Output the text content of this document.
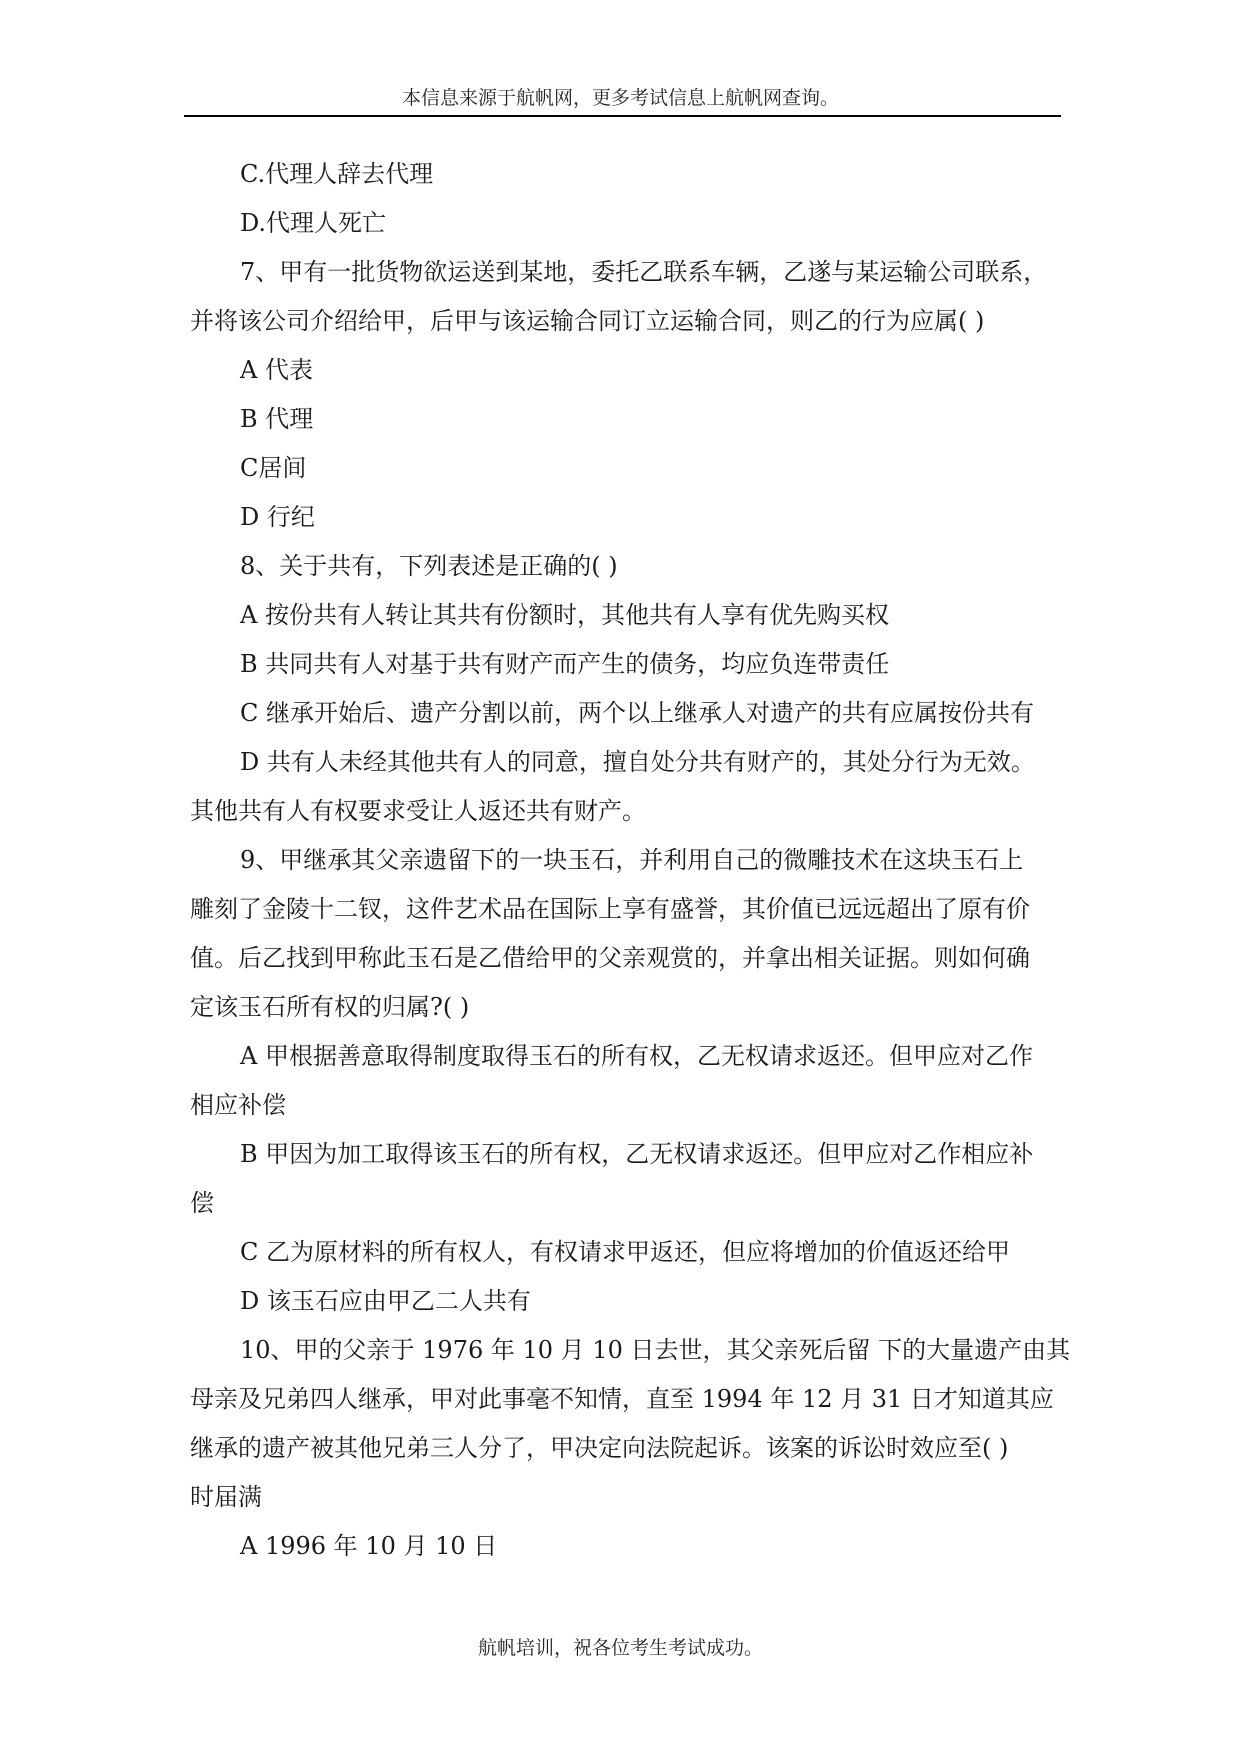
本信息来源于航帆网，更多考试信息上航帆网查询。
C.代理人辞去代理
D.代理人死亡
7、甲有一批货物欲运送到某地，委托乙联系车辆，乙遂与某运输公司联系，
并将该公司介绍给甲，后甲与该运输合同订立运输合同，则乙的行为应属( )
A 代表
B 代理
C居间
D 行纪
8、关于共有，下列表述是正确的( )
A 按份共有人转让其共有份额时，其他共有人享有优先购买权
B 共同共有人对基于共有财产而产生的债务，均应负连带责任
C 继承开始后、遗产分割以前，两个以上继承人对遗产的共有应属按份共有
D 共有人未经其他共有人的同意，擅自处分共有财产的，其处分行为无效。
其他共有人有权要求受让人返还共有财产。
9、甲继承其父亲遗留下的一块玉石，并利用自己的微雕技术在这块玉石上
雕刻了金陵十二钗，这件艺术品在国际上享有盛誉，其价值已远远超出了原有价
值。后乙找到甲称此玉石是乙借给甲的父亲观赏的，并拿出相关证据。则如何确
定该玉石所有权的归属?( )
A 甲根据善意取得制度取得玉石的所有权，乙无权请求返还。但甲应对乙作
相应补偿
B 甲因为加工取得该玉石的所有权，乙无权请求返还。但甲应对乙作相应补
偿
C 乙为原材料的所有权人，有权请求甲返还，但应将增加的价值返还给甲
D 该玉石应由甲乙二人共有
10、甲的父亲于 1976 年 10 月 10 日去世，其父亲死后留 下的大量遗产由其
母亲及兄弟四人继承，甲对此事毫不知情，直至 1994 年 12 月 31 日才知道其应
继承的遗产被其他兄弟三人分了，甲决定向法院起诉。该案的诉讼时效应至( )
时届满
A 1996 年 10 月 10 日
航帆培训，祝各位考生考试成功。
